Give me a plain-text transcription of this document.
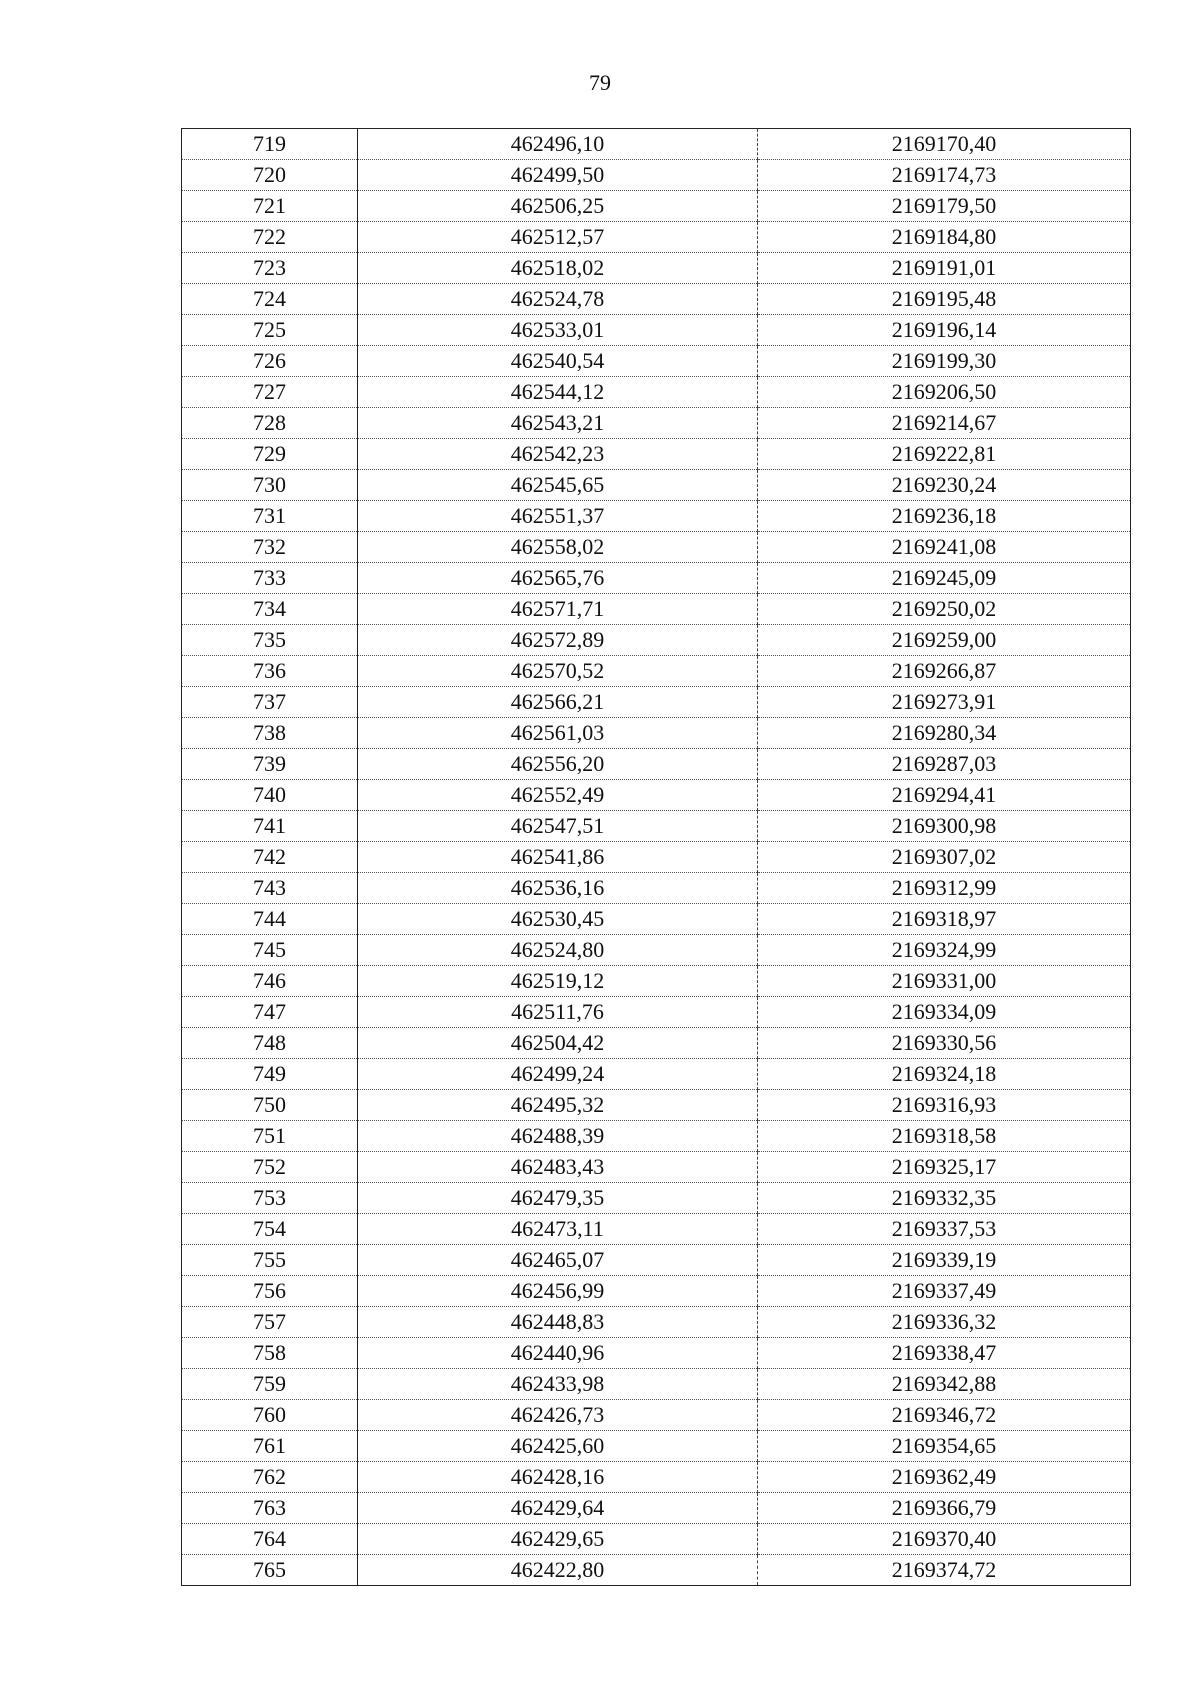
79
719	462496,10	2169170,40
720	462499,50	2169174,73
721	462506,25	2169179,50
722	462512,57	2169184,80
723	462518,02	2169191,01
724	462524,78	2169195,48
725	462533,01	2169196,14
726	462540,54	2169199,30
727	462544,12	2169206,50
728	462543,21	2169214,67
729	462542,23	2169222,81
730	462545,65	2169230,24
731	462551,37	2169236,18
732	462558,02	2169241,08
733	462565,76	2169245,09
734	462571,71	2169250,02
735	462572,89	2169259,00
736	462570,52	2169266,87
737	462566,21	2169273,91
738	462561,03	2169280,34
739	462556,20	2169287,03
740	462552,49	2169294,41
741	462547,51	2169300,98
742	462541,86	2169307,02
743	462536,16	2169312,99
744	462530,45	2169318,97
745	462524,80	2169324,99
746	462519,12	2169331,00
747	462511,76	2169334,09
748	462504,42	2169330,56
749	462499,24	2169324,18
750	462495,32	2169316,93
751	462488,39	2169318,58
752	462483,43	2169325,17
753	462479,35	2169332,35
754	462473,11	2169337,53
755	462465,07	2169339,19
756	462456,99	2169337,49
757	462448,83	2169336,32
758	462440,96	2169338,47
759	462433,98	2169342,88
760	462426,73	2169346,72
761	462425,60	2169354,65
762	462428,16	2169362,49
763	462429,64	2169366,79
764	462429,65	2169370,40
765	462422,80	2169374,72
